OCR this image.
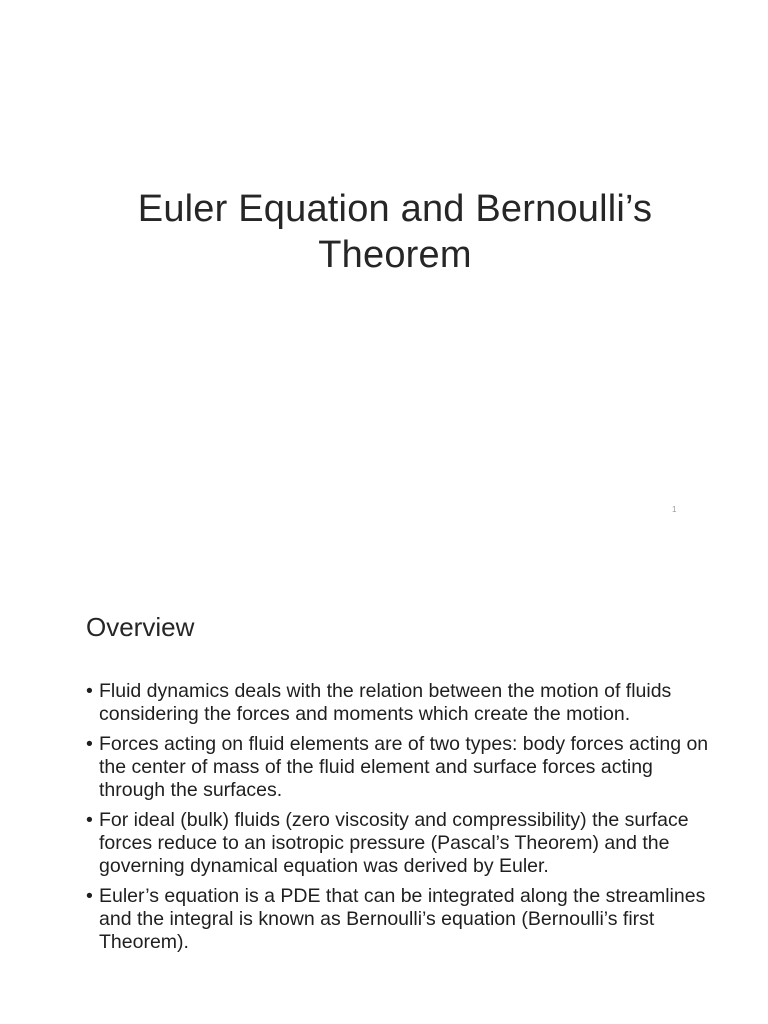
Euler Equation and Bernoulli’s
Theorem
1
Overview
• Fluid dynamics deals with the relation between the motion of fluids considering the forces and moments which create the motion.
• Forces acting on fluid elements are of two types: body forces acting on the center of mass of the fluid element and surface forces acting through the surfaces.
• For ideal (bulk) fluids (zero viscosity and compressibility) the surface forces reduce to an isotropic pressure (Pascal’s Theorem) and the governing dynamical equation was derived by Euler.
• Euler’s equation is a PDE that can be integrated along the streamlines and the integral is known as Bernoulli’s equation (Bernoulli’s first Theorem).
